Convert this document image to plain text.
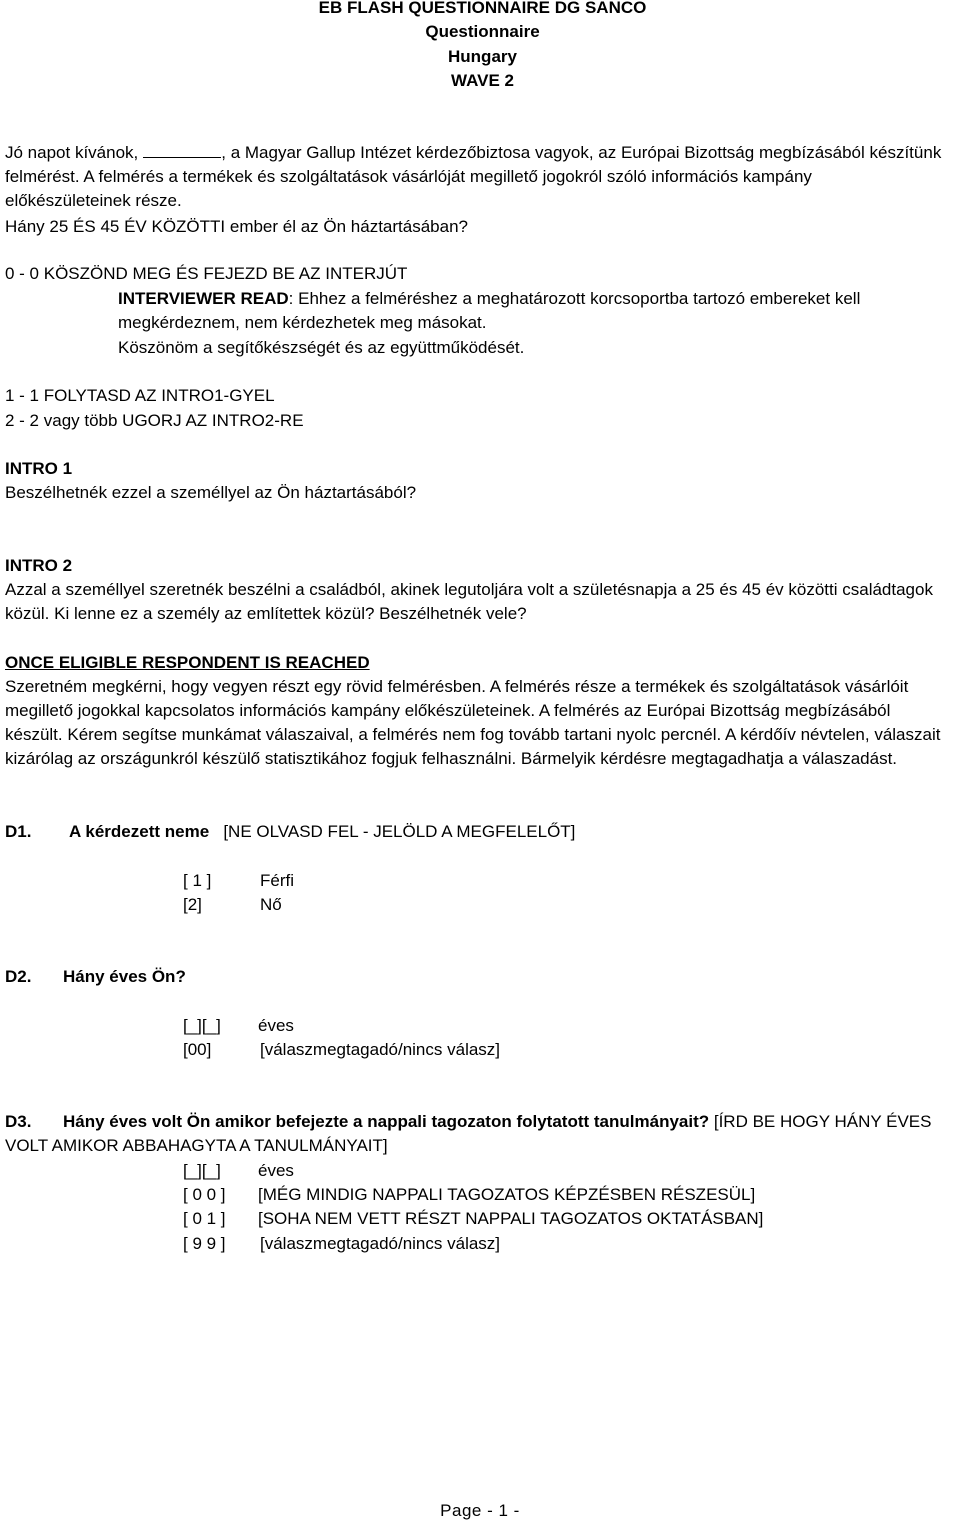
EB FLASH QUESTIONNAIRE DG SANCO
Questionnaire
Hungary
WAVE 2
Jó napot kívánok,	, a Magyar Gallup Intézet kérdezőbiztosa vagyok, az Európai Bizottság megbízásából készítünk felmérést. A felmérés a termékek és szolgáltatások vásárlóját megillető jogokról szóló információs kampány előkészületeinek része.
Hány 25 ÉS 45 ÉV KÖZÖTTI ember él az Ön háztartásában?
0 - 0 KÖSZÖND MEG ÉS FEJEZD BE AZ INTERJÚT
INTERVIEWER READ: Ehhez a felméréshez a meghatározott korcsoportba tartozó embereket kell megkérdeznem, nem kérdezhetek meg másokat.
Köszönöm a segítőkészségét és az együttműködését.
1 - 1 FOLYTASD AZ INTRO1-GYEL
2 - 2 vagy több UGORJ AZ INTRO2-RE
INTRO 1
Beszélhetnék ezzel a személlyel az Ön háztartásából?
INTRO 2
Azzal a személlyel szeretnék beszélni a családból, akinek legutoljára volt a születésnapja a 25 és 45 év közötti családtagok közül. Ki lenne ez a személy az említettek közül? Beszélhetnék vele?
ONCE ELIGIBLE RESPONDENT IS REACHED
Szeretném megkérni, hogy vegyen részt egy rövid felmérésben. A felmérés része a termékek és szolgáltatások vásárlóit megillető jogokkal kapcsolatos információs kampány előkészületeinek. A felmérés az Európai Bizottság megbízásából készült. Kérem segítse munkámat válaszaival, a felmérés nem fog tovább tartani nyolc percnél. A kérdőív névtelen, válaszait kizárólag az országunkról készülő statisztikához fogjuk felhasználni. Bármelyik kérdésre megtagadhatja a válaszadást.
D1. A kérdezett neme [NE OLVASD FEL - JELÖLD A MEGFELELŐT]
[ 1 ]	Férfi
[2]	Nő
D2. Hány éves Ön?
[_][_] éves
[00]	[válaszmegtagadó/nincs válasz]
D3.	Hány éves volt Ön amikor befejezte a nappali tagozaton folytatott tanulmányait? [ÍRD BE HOGY HÁNY ÉVES VOLT AMIKOR ABBAHAGYTA A TANULMÁNYAIT]
[_][_] éves
[ 0 0 ] [MÉG MINDIG NAPPALI TAGOZATOS KÉPZÉSBEN RÉSZESÜL]
[ 0 1 ] [SOHA NEM VETT RÉSZT NAPPALI TAGOZATOS OKTATÁSBAN]
[ 9 9 ] [válaszmegtagadó/nincs válasz]
Page - 1 -
